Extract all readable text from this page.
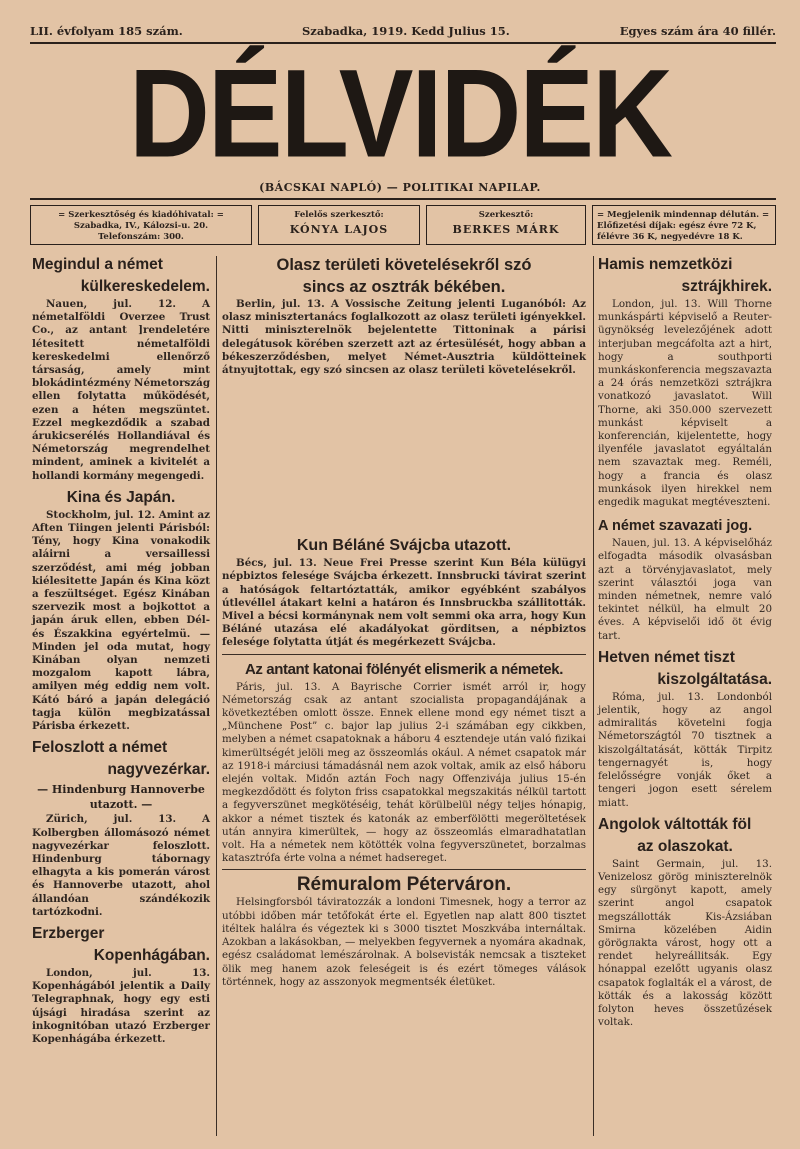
LII. évfolyam 185 szám.	Szabadka, 1919. Kedd Julius 15.	Egyes szám ára 40 fillér.
DÉLVIDÉK
(BÁCSKAI NAPLÓ) — POLITIKAI NAPILAP.
= Szerkesztőség és kiadóhivatal: =
Szabadka, IV., Kálozsi-u. 20.
Telefonszám: 300.
Felelős szerkesztő:
KÓNYA LAJOS
Szerkesztő:
BERKES MÁRK
= Megjelenik mindennap délután. =
Előfizetési díjak: egész évre 72 K,
félévre 36 K, negyedévre 18 K.
Megindul a német
külkereskedelem.

Nauen, jul. 12. A németalföldi Overzee Trust Co., az antant ]rendeletére létesitett németalföldi kereskedelmi ellenőrző társaság, amely mint blokádintézmény Németország ellen folytatta működését, ezen a héten megszüntet. Ezzel megkezdődik a szabad árukicserélés Hollandiával és Németország megrendelhet mindent, aminek a kivitelét a hollandi kormány megengedi.

Kina és Japán.

Stockholm, jul. 12. Amint az Aften Tiingen jelenti Párisból: Tény, hogy Kina vonakodik aláirni a versaillessi szerződést, ami még jobban kiélesitette Japán és Kina közt a feszültséget. Egész Kinában szervezik most a bojkottot a japán áruk ellen, ebben Dél- és Északkina egyértelmü. — Minden jel oda mutat, hogy Kinában olyan nemzeti mozgalom kapott lábra, amilyen még eddig nem volt. Kátó báró a japán delegáció tagja külön megbizatással Párisba érkezett.

Feloszlott a német
nagyvezérkar.
— Hindenburg Hannoverbe
utazott. —

Zürich, jul. 13. A Kolbergben állomásozó német nagyvezérkar feloszlott. Hindenburg tábornagy elhagyta a kis pomerán várost és Hannoverbe utazott, ahol állandóan szándékozik tartózkodni.

Erzberger
Kopenhágában.

London, jul. 13. Kopenhágából jelentik a Daily Telegraphnak, hogy egy esti újsági hiradása szerint az inkognitóban utazó Erzberger Kopenhágába érkezett.

Olasz területi követelésekről szó
sincs az osztrák békében.

Berlin, jul. 13. A Vossische Zeitung jelenti Luganóból: Az olasz minisztertanács foglalkozott az olasz területi igényekkel. Nitti miniszterelnök bejelentette Tittoninak a párisi delegátusok körében szerzett azt az értesülését, hogy abban a békeszerződésben, melyet Német-Ausztria küldötteinek átnyujtottak, egy szó sincsen az olasz területi követelésekről.

Kun Béláné Svájcba utazott.

Bécs, jul. 13. Neue Frei Presse szerint Kun Béla külügyi népbiztos felesége Svájcba érkezett. Innsbrucki távirat szerint a hatóságok feltartóztatták, amikor egyébként szabályos útlevéllel átakart kelni a határon és Innsbruckba szállitották. Mivel a bécsi kormánynak nem volt semmi oka arra, hogy Kun Béláné utazása elé akadályokat görditsen, a népbiztos felesége folytatta útját és megérkezett Svájcba.

Az antant katonai fölényét elismerik a németek.

Páris, jul. 13. A Bayrische Corrier ismét arról ir, hogy Németország csak az antant szocialista propagandájának a következtében omlott össze. Ennek ellene mond egy német tiszt a „Münchene Post” c. bajor lap julius 2-i számában egy cikkben, melyben a német csapatoknak a háboru 4 esztendeje után való fizikai kimerültségét jelöli meg az összeomlás okául. A német csapatok már az 1918-i márciusi támadásnál nem azok voltak, amik az első háboru elején voltak. Midőn aztán Foch nagy Offenzivája julius 15-én megkezdődött és folyton friss csapatokkal megszakitás nélkül tartott a fegyverszünet megkötéséig, tehát körülbelül négy teljes hónapig, akkor a német tisztek és katonák az emberfölötti megeröltetések után annyira kimerültek, — hogy az összeomlás elmaradhatatlan volt. Ha a németek nem kötötték volna fegyverszünetet, borzalmas katasztrófa érte volna a német hadsereget.

Rémuralom Péterváron.

Helsingforsból táviratozzák a londoni Timesnek, hogy a terror az utóbbi időben már tetőfokát érte el. Egyetlen nap alatt 800 tisztet itéltek halálra és végeztek ki s 3000 tisztet Moszkvába internáltak. Azokban a lakásokban, — melyekben fegyvernek a nyomára akadnak, egész családomat lemészárolnak. A bolsevisták nemcsak a tiszteket ölik meg hanem azok feleségeit is és ezért tömeges válások történnek, hogy az asszonyok megmentsék életüket.

Hamis nemzetközi
sztrájkhirek.

London, jul. 13. Will Thorne munkáspárti képviselő a Reuter-ügynökség levelezőjének adott interjuban megcáfolta azt a hirt, hogy a southporti munkáskonferencia megszavazta a 24 órás nemzetközi sztrájkra vonatkozó javaslatot. Will Thorne, aki 350.000 szervezett munkást képviselt a konferencián, kijelentette, hogy ilyenféle javaslatot egyáltalán nem szavaztak meg. Reméli, hogy a francia és olasz munkások ilyen hirekkel nem engedik magukat megtéveszteni.

A német szavazati jog.

Nauen, jul. 13. A képviselőház elfogadta második olvasásban azt a törvényjavaslatot, mely szerint választói joga van minden németnek, nemre való tekintet nélkül, ha elmult 20 éves. A képviselői idő öt évig tart.

Hetven német tiszt
kiszolgáltatása.

Róma, jul. 13. Londonból jelentik, hogy az angol admiralitás követelni fogja Németországtól 70 tisztnek a kiszolgáltatását, kötták Tirpitz tengernagyét is, hogy felelősségre vonják őket a tengeri jogon esett sérelem miatt.

Angolok váltották föl
az olaszokat.

Saint Germain, jul. 13. Venizelosz görög miniszterelnök egy sürgönyt kapott, amely szerint angol csapatok megszállották Kis-Ázsiában Smirna közelében Aidin görögлakta várost, hogy ott a rendet helyreállitsák. Egy hónappal ezelőtt ugyanis olasz csapatok foglalták el a várost, de kötták és a lakosság között folyton heves összetűzések voltak.
